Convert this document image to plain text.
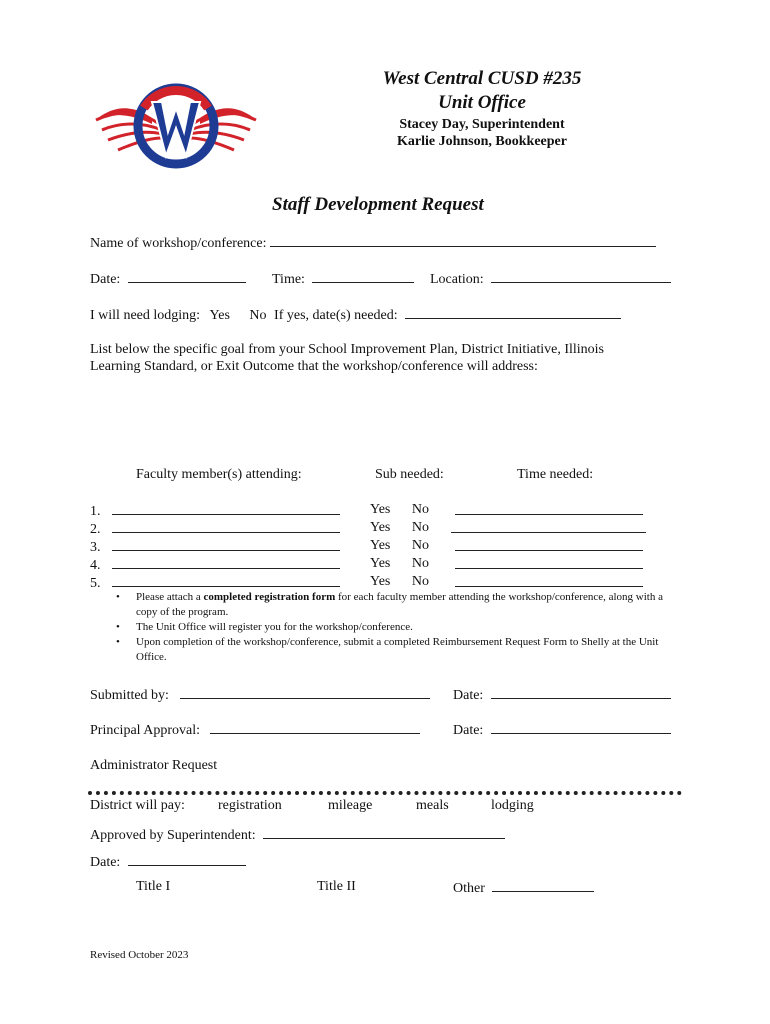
West Central CUSD #235
Unit Office
Stacey Day, Superintendent
Karlie Johnson, Bookkeeper
Staff Development Request
Name of workshop/conference:
Date:	Time:	Location:
I will need lodging: Yes No If yes, date(s) needed:
List below the specific goal from your School Improvement Plan, District Initiative, Illinois
Learning Standard, or Exit Outcome that the workshop/conference will address:
Faculty member(s) attending:	Sub needed:	Time needed:
1.	Yes No
2.	Yes No
3.	Yes No
4.	Yes No
5.	Yes No
• Please attach a completed registration form for each faculty member attending the workshop/conference, along with a copy of the program.
• The Unit Office will register you for the workshop/conference.
• Upon completion of the workshop/conference, submit a completed Reimbursement Request Form to Shelly at the Unit Office.
Submitted by:	Date:
Principal Approval:	Date:
Administrator Request
District will pay: registration	mileage	meals	lodging
Approved by Superintendent:
Date:
Title I	Title II	Other
Revised October 2023
